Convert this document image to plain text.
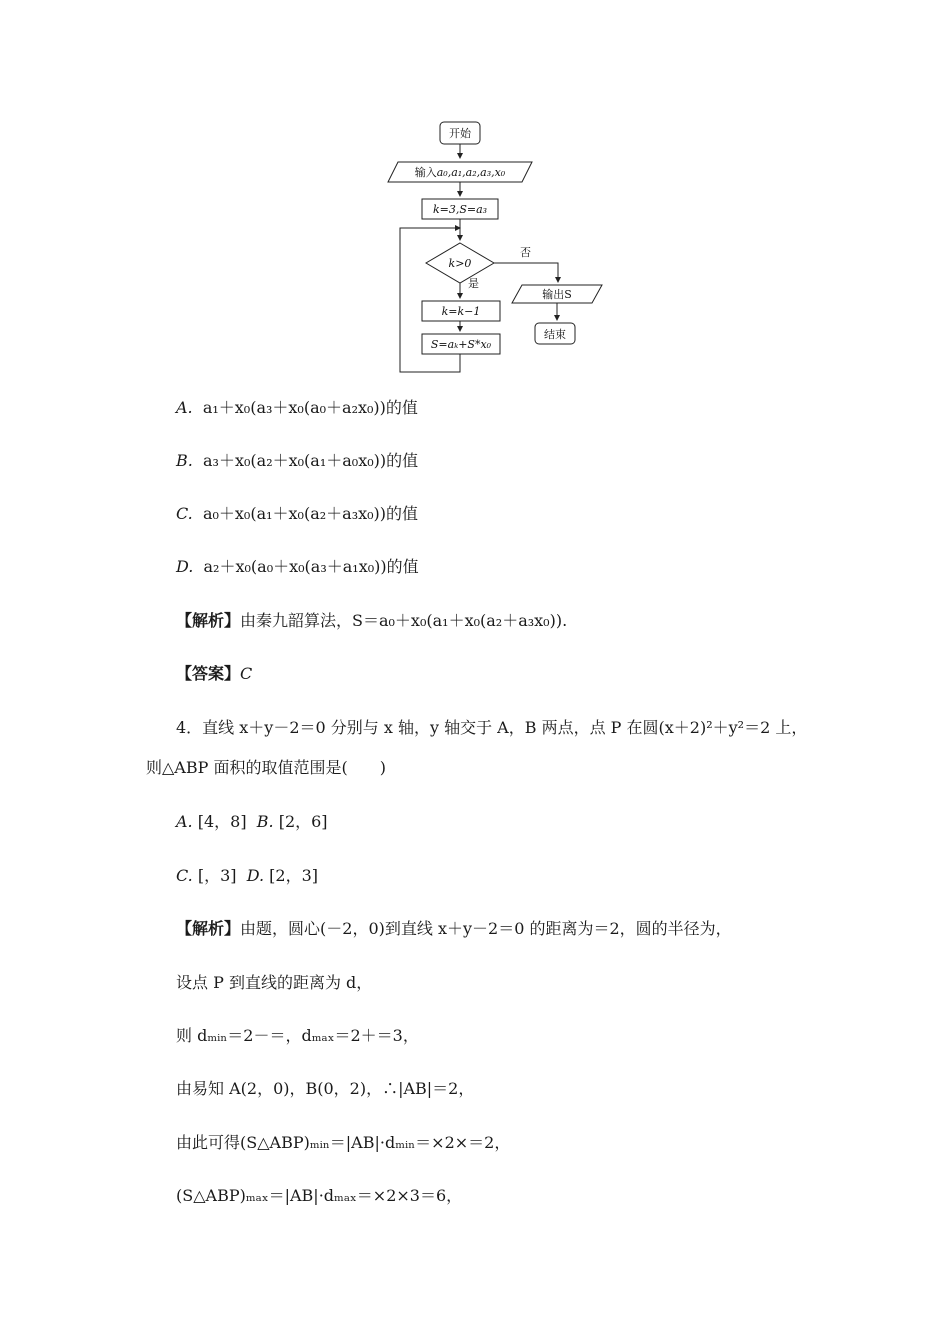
开始
输入a₀,a₁,a₂,a₃,x₀
k=3,S=a₃
k>0
否
输出S
结束
是
k=k−1
S=aₖ+S*x₀
A. a₁＋x₀(a₃＋x₀(a₀＋a₂x₀))的值
B. a₃＋x₀(a₂＋x₀(a₁＋a₀x₀))的值
C. a₀＋x₀(a₁＋x₀(a₂＋a₃x₀))的值
D. a₂＋x₀(a₀＋x₀(a₃＋a₁x₀))的值
【解析】由秦九韶算法，S＝a₀＋x₀(a₁＋x₀(a₂＋a₃x₀)).
【答案】C
4．直线 x＋y－2＝0 分别与 x 轴，y 轴交于 A，B 两点，点 P 在圆(x＋2)²＋y²＝2 上，
则△ABP 面积的取值范围是(　　)
A. [4，8] B. [2，6]
C. [，3] D. [2，3]
【解析】由题，圆心(－2，0)到直线 x＋y－2＝0 的距离为＝2，圆的半径为，
设点 P 到直线的距离为 d，
则 dₘᵢₙ＝2－＝，dₘₐₓ＝2＋＝3，
由易知 A(2，0)，B(0，2)，∴|AB|＝2，
由此可得(S△ABP)ₘᵢₙ＝|AB|·dₘᵢₙ＝×2×＝2，
(S△ABP)ₘₐₓ＝|AB|·dₘₐₓ＝×2×3＝6，
